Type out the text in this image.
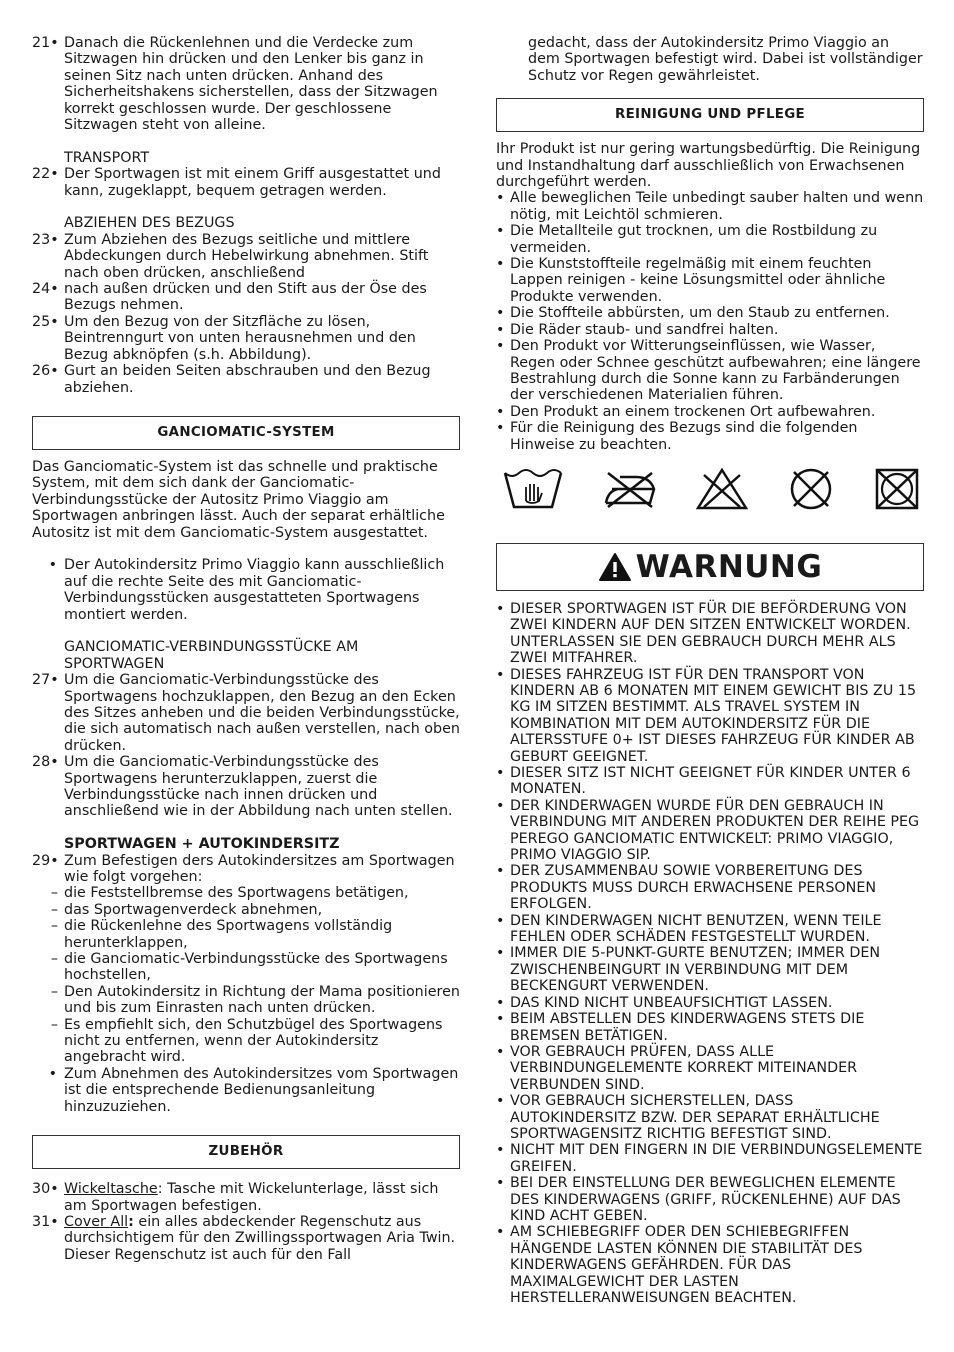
21• Danach die Rückenlehnen und die Verdecke zum Sitzwagen hin drücken und den Lenker bis ganz in seinen Sitz nach unten drücken. Anhand des Sicherheitshakens sicherstellen, dass der Sitzwagen korrekt geschlossen wurde. Der geschlossene Sitzwagen steht von alleine.
TRANSPORT
22• Der Sportwagen ist mit einem Griff ausgestattet und kann, zugeklappt, bequem getragen werden.
ABZIEHEN DES BEZUGS
23• Zum Abziehen des Bezugs seitliche und mittlere Abdeckungen durch Hebelwirkung abnehmen. Stift nach oben drücken, anschließend
24• nach außen drücken und den Stift aus der Öse des Bezugs nehmen.
25• Um den Bezug von der Sitzfläche zu lösen, Beintrenngurt von unten herausnehmen und den Bezug abknöpfen (s.h. Abbildung).
26• Gurt an beiden Seiten abschrauben und den Bezug abziehen.
GANCIOMATIC-SYSTEM
Das Ganciomatic-System ist das schnelle und praktische System, mit dem sich dank der Ganciomatic-Verbindungsstücke der Autositz Primo Viaggio am Sportwagen anbringen lässt. Auch der separat erhältliche Autositz ist mit dem Ganciomatic-System ausgestattet.
• Der Autokindersitz Primo Viaggio kann ausschließlich auf die rechte Seite des mit Ganciomatic-Verbindungsstücken ausgestatteten Sportwagens montiert werden.
GANCIOMATIC-VERBINDUNGSSTÜCKE AM SPORTWAGEN
27• Um die Ganciomatic-Verbindungsstücke des Sportwagens hochzuklappen, den Bezug an den Ecken des Sitzes anheben und die beiden Verbindungsstücke, die sich automatisch nach außen verstellen, nach oben drücken.
28• Um die Ganciomatic-Verbindungsstücke des Sportwagens herunterzuklappen, zuerst die Verbindungsstücke nach innen drücken und anschließend wie in der Abbildung nach unten stellen.
SPORTWAGEN + AUTOKINDERSITZ
29• Zum Befestigen ders Autokindersitzes am Sportwagen wie folgt vorgehen:
– die Feststellbremse des Sportwagens betätigen,
– das Sportwagenverdeck abnehmen,
– die Rückenlehne des Sportwagens vollständig herunterklappen,
– die Ganciomatic-Verbindungsstücke des Sportwagens hochstellen,
– Den Autokindersitz in Richtung der Mama positionieren und bis zum Einrasten nach unten drücken.
– Es empfiehlt sich, den Schutzbügel des Sportwagens nicht zu entfernen, wenn der Autokindersitz angebracht wird.
• Zum Abnehmen des Autokindersitzes vom Sportwagen ist die entsprechende Bedienungsanleitung hinzuzuziehen.
ZUBEHÖR
30• Wickeltasche: Tasche mit Wickelunterlage, lässt sich am Sportwagen befestigen.
31• Cover All: ein alles abdeckender Regenschutz aus durchsichtigem für den Zwillingssportwagen Aria Twin. Dieser Regenschutz ist auch für den Fall
gedacht, dass der Autokindersitz Primo Viaggio an dem Sportwagen befestigt wird. Dabei ist vollständiger Schutz vor Regen gewährleistet.
REINIGUNG UND PFLEGE
Ihr Produkt ist nur gering wartungsbedürftig. Die Reinigung und Instandhaltung darf ausschließlich von Erwachsenen durchgeführt werden.
• Alle beweglichen Teile unbedingt sauber halten und wenn nötig, mit Leichtöl schmieren.
• Die Metallteile gut trocknen, um die Rostbildung zu vermeiden.
• Die Kunststoffteile regelmäßig mit einem feuchten Lappen reinigen - keine Lösungsmittel oder ähnliche Produkte verwenden.
• Die Stoffteile abbürsten, um den Staub zu entfernen.
• Die Räder staub- und sandfrei halten.
• Den Produkt vor Witterungseinflüssen, wie Wasser, Regen oder Schnee geschützt aufbewahren; eine längere Bestrahlung durch die Sonne kann zu Farbänderungen der verschiedenen Materialien führen.
• Den Produkt an einem trockenen Ort aufbewahren.
• Für die Reinigung des Bezugs sind die folgenden Hinweise zu beachten.
WARNUNG
• DIESER SPORTWAGEN IST FÜR DIE BEFÖRDERUNG VON ZWEI KINDERN AUF DEN SITZEN ENTWICKELT WORDEN. UNTERLASSEN SIE DEN GEBRAUCH DURCH MEHR ALS ZWEI MITFAHRER.
• DIESES FAHRZEUG IST FÜR DEN TRANSPORT VON KINDERN AB 6 MONATEN MIT EINEM GEWICHT BIS ZU 15 KG IM SITZEN BESTIMMT. ALS TRAVEL SYSTEM IN KOMBINATION MIT DEM AUTOKINDERSITZ FÜR DIE ALTERSSTUFE 0+ IST DIESES FAHRZEUG FÜR KINDER AB GEBURT GEEIGNET.
• DIESER SITZ IST NICHT GEEIGNET FÜR KINDER UNTER 6 MONATEN.
• DER KINDERWAGEN WURDE FÜR DEN GEBRAUCH IN VERBINDUNG MIT ANDEREN PRODUKTEN DER REIHE PEG PEREGO GANCIOMATIC ENTWICKELT: PRIMO VIAGGIO, PRIMO VIAGGIO SIP.
• DER ZUSAMMENBAU SOWIE VORBEREITUNG DES PRODUKTS MUSS DURCH ERWACHSENE PERSONEN ERFOLGEN.
• DEN KINDERWAGEN NICHT BENUTZEN, WENN TEILE FEHLEN ODER SCHÄDEN FESTGESTELLT WURDEN.
• IMMER DIE 5-PUNKT-GURTE BENUTZEN; IMMER DEN ZWISCHENBEINGURT IN VERBINDUNG MIT DEM BECKENGURT VERWENDEN.
• DAS KIND NICHT UNBEAUFSICHTIGT LASSEN.
• BEIM ABSTELLEN DES KINDERWAGENS STETS DIE BREMSEN BETÄTIGEN.
• VOR GEBRAUCH PRÜFEN, DASS ALLE VERBINDUNGELEMENTE KORREKT MITEINANDER VERBUNDEN SIND.
• VOR GEBRAUCH SICHERSTELLEN, DASS AUTOKINDERSITZ BZW. DER SEPARAT ERHÄLTLICHE SPORTWAGENSITZ RICHTIG BEFESTIGT SIND.
• NICHT MIT DEN FINGERN IN DIE VERBINDUNGSELEMENTE GREIFEN.
• BEI DER EINSTELLUNG DER BEWEGLICHEN ELEMENTE DES KINDERWAGENS (GRIFF, RÜCKENLEHNE) AUF DAS KIND ACHT GEBEN.
• AM SCHIEBEGRIFF ODER DEN SCHIEBEGRIFFEN HÄNGENDE LASTEN KÖNNEN DIE STABILITÄT DES KINDERWAGENS GEFÄHRDEN. FÜR DAS MAXIMALGEWICHT DER LASTEN HERSTELLERANWEISUNGEN BEACHTEN.
